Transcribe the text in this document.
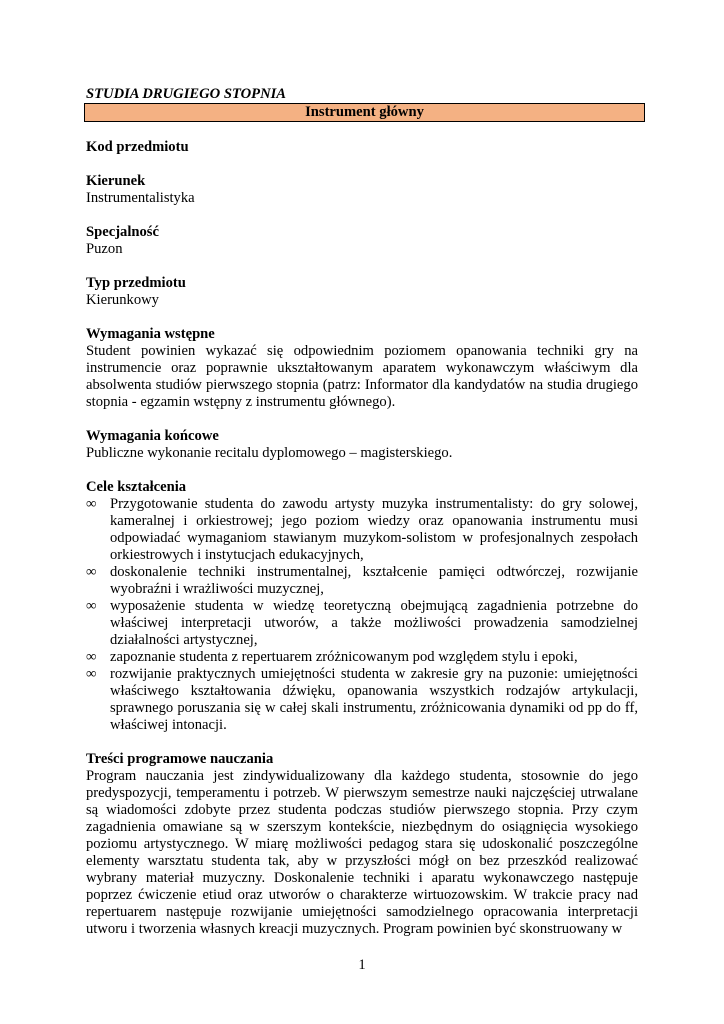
STUDIA DRUGIEGO STOPNIA
Instrument główny
Kod przedmiotu
Kierunek
Instrumentalistyka
Specjalność
Puzon
Typ przedmiotu
Kierunkowy
Wymagania wstępne
Student powinien wykazać się odpowiednim poziomem opanowania techniki gry na instrumencie oraz poprawnie ukształtowanym aparatem wykonawczym właściwym dla absolwenta studiów pierwszego stopnia (patrz: Informator dla kandydatów na studia drugiego stopnia - egzamin wstępny z instrumentu głównego).
Wymagania końcowe
Publiczne wykonanie recitalu dyplomowego – magisterskiego.
Cele kształcenia
∞ Przygotowanie studenta do zawodu artysty muzyka instrumentalisty: do gry solowej, kameralnej i orkiestrowej; jego poziom wiedzy oraz opanowania instrumentu musi odpowiadać wymaganiom stawianym muzykom-solistom w profesjonalnych zespołach orkiestrowych i instytucjach edukacyjnych,
∞ doskonalenie techniki instrumentalnej, kształcenie pamięci odtwórczej, rozwijanie wyobraźni i wrażliwości muzycznej,
∞ wyposażenie studenta w wiedzę teoretyczną obejmującą zagadnienia potrzebne do właściwej interpretacji utworów, a także możliwości prowadzenia samodzielnej działalności artystycznej,
∞ zapoznanie studenta z repertuarem zróżnicowanym pod względem stylu i epoki,
∞ rozwijanie praktycznych umiejętności studenta w zakresie gry na puzonie: umiejętności właściwego kształtowania dźwięku, opanowania wszystkich rodzajów artykulacji, sprawnego poruszania się w całej skali instrumentu, zróżnicowania dynamiki od pp do ff, właściwej intonacji.
Treści programowe nauczania
Program nauczania jest zindywidualizowany dla każdego studenta, stosownie do jego predyspozycji, temperamentu i potrzeb. W pierwszym semestrze nauki najczęściej utrwalane są wiadomości zdobyte przez studenta podczas studiów pierwszego stopnia. Przy czym zagadnienia omawiane są w szerszym kontekście, niezbędnym do osiągnięcia wysokiego poziomu artystycznego. W miarę możliwości pedagog stara się udoskonalić poszczególne elementy warsztatu studenta tak, aby w przyszłości mógł on bez przeszkód realizować wybrany materiał muzyczny. Doskonalenie techniki i aparatu wykonawczego następuje poprzez ćwiczenie etiud oraz utworów o charakterze wirtuozowskim. W trakcie pracy nad repertuarem następuje rozwijanie umiejętności samodzielnego opracowania interpretacji utworu i tworzenia własnych kreacji muzycznych. Program powinien być skonstruowany w
1
